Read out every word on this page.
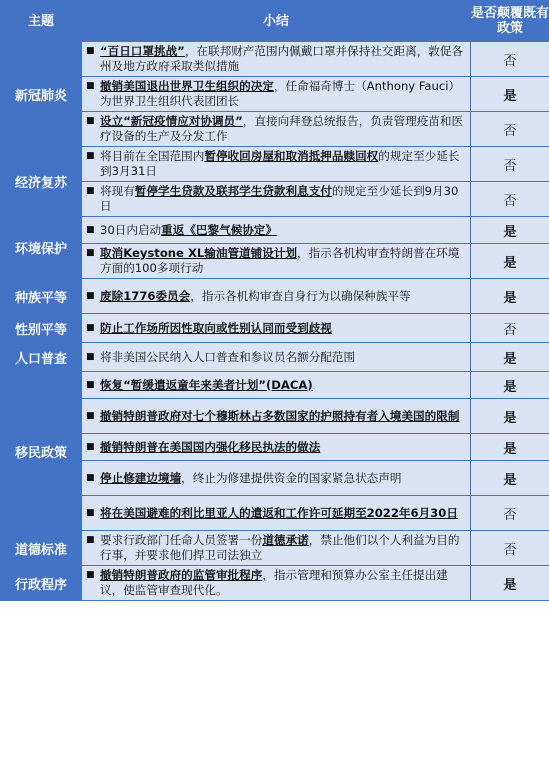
主题	小结	是否颠覆既有政策
新冠肺炎	■ “百日口罩挑战”，在联邦财产范围内佩戴口罩并保持社交距离，敦促各州及地方政府采取类似措施	否

	■ 撤销美国退出世界卫生组织的决定，任命福奇博士（Anthony Fauci）为世界卫生组织代表团团长	是

	■ 设立“新冠疫情应对协调员”，直接向拜登总统报告，负责管理疫苗和医疗设备的生产及分发工作	否
经济复苏	■ 将目前在全国范围内暂停收回房屋和取消抵押品赎回权的规定至少延长到3月31日	否

	■ 将现有暂停学生贷款及联邦学生贷款利息支付的规定至少延长到9月30日	否
环境保护	■ 30日内启动重返《巴黎气候协定》	是

	■ 取消Keystone XL输油管道铺设计划，指示各机构审查特朗普在环境方面的100多项行动	是
种族平等	■ 废除1776委员会，指示各机构审查自身行为以确保种族平等	是
性别平等	■ 防止工作场所因性取向或性别认同而受到歧视	否
人口普查	■ 将非美国公民纳入人口普查和参议员名额分配范围	是
移民政策	■ 恢复“暂缓遣返童年来美者计划”(DACA)	是

	■ 撤销特朗普政府对七个穆斯林占多数国家的护照持有者入境美国的限制	是

	■ 撤销特朗普在美国国内强化移民执法的做法	是

	■ 停止修建边境墙，终止为修建提供资金的国家紧急状态声明	是

	■ 将在美国避难的利比里亚人的遣返和工作许可延期至2022年6月30日	否
道德标准	■ 要求行政部门任命人员签署一份道德承诺，禁止他们以个人利益为目的行事，并要求他们捍卫司法独立	否
行政程序	■ 撤销特朗普政府的监管审批程序，指示管理和预算办公室主任提出建议，使监管审查现代化。	是
